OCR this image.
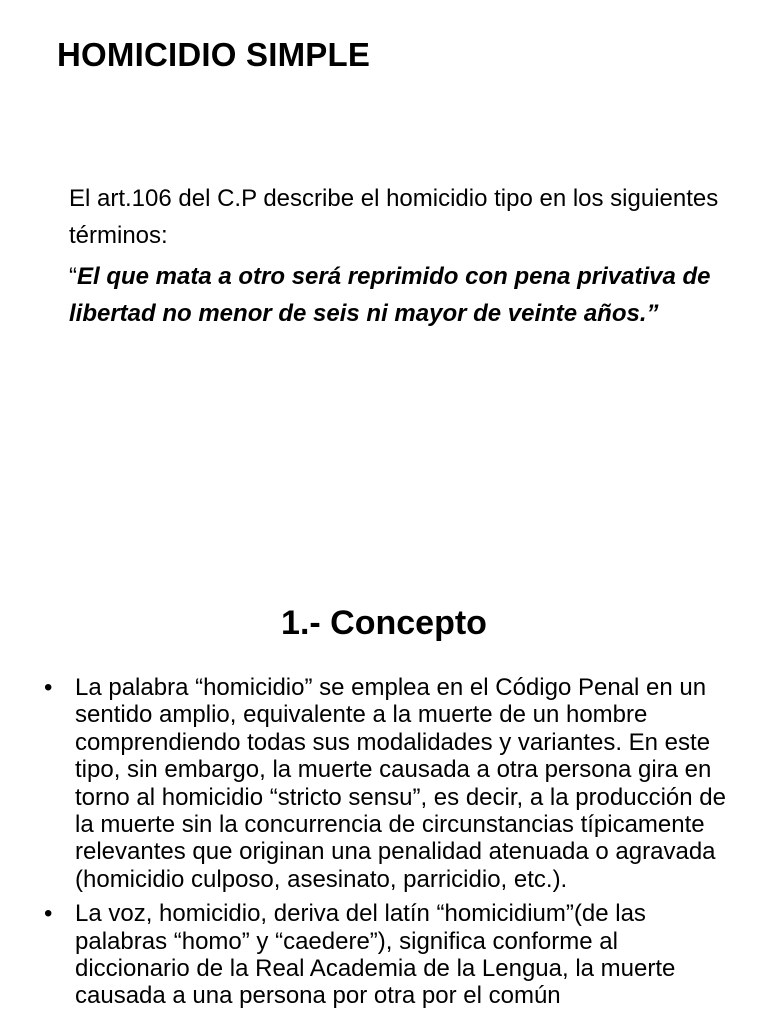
HOMICIDIO SIMPLE

El art.106 del C.P describe el homicidio tipo en los siguientes términos:

“El que mata a otro será reprimido con pena privativa de libertad no menor de seis ni mayor de veinte años.”

1.- Concepto
• La palabra “homicidio” se emplea en el Código Penal en un sentido amplio, equivalente a la muerte de un hombre comprendiendo todas sus modalidades y variantes. En este tipo, sin embargo, la muerte causada a otra persona gira en torno al homicidio “stricto sensu”, es decir, a la producción de la muerte sin la concurrencia de circunstancias típicamente relevantes que originan una penalidad atenuada o agravada (homicidio culposo, asesinato, parricidio, etc.).
• La voz, homicidio, deriva del latín “homicidium”(de las palabras “homo” y “caedere”), significa conforme al diccionario de la Real Academia de la Lengua, la muerte causada a una persona por otra por el común
